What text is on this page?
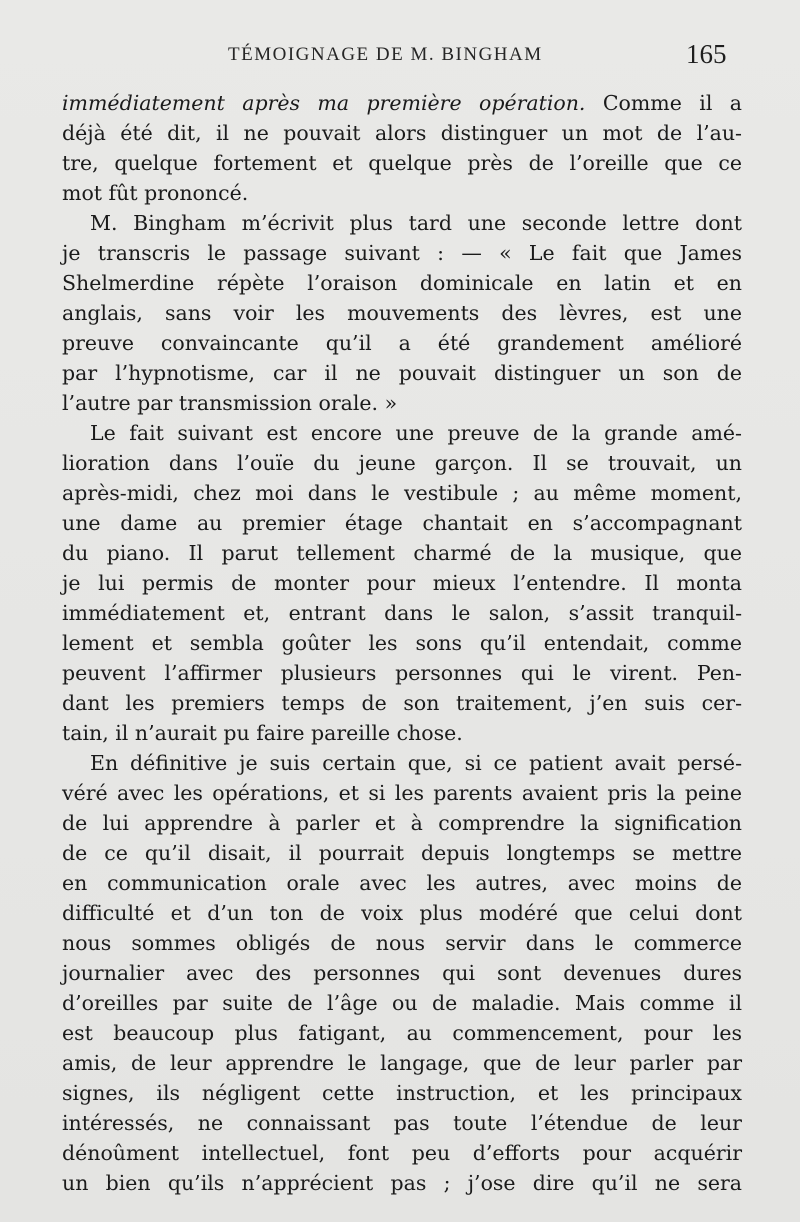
TÉMOIGNAGE DE M. BINGHAM	165
immédiatement après ma première opération. Comme il a
déjà été dit, il ne pouvait alors distinguer un mot de l’au-
tre, quelque fortement et quelque près de l’oreille que ce
mot fût prononcé.
M. Bingham m’écrivit plus tard une seconde lettre dont
je transcris le passage suivant : — « Le fait que James
Shelmerdine répète l’oraison dominicale en latin et en
anglais, sans voir les mouvements des lèvres, est une
preuve convaincante qu’il a été grandement amélioré
par l’hypnotisme, car il ne pouvait distinguer un son de
l’autre par transmission orale. »
Le fait suivant est encore une preuve de la grande amé-
lioration dans l’ouïe du jeune garçon. Il se trouvait, un
après-midi, chez moi dans le vestibule ; au même moment,
une dame au premier étage chantait en s’accompagnant
du piano. Il parut tellement charmé de la musique, que
je lui permis de monter pour mieux l’entendre. Il monta
immédiatement et, entrant dans le salon, s’assit tranquil-
lement et sembla goûter les sons qu’il entendait, comme
peuvent l’affirmer plusieurs personnes qui le virent. Pen-
dant les premiers temps de son traitement, j’en suis cer-
tain, il n’aurait pu faire pareille chose.
En définitive je suis certain que, si ce patient avait persé-
véré avec les opérations, et si les parents avaient pris la peine
de lui apprendre à parler et à comprendre la signification
de ce qu’il disait, il pourrait depuis longtemps se mettre
en communication orale avec les autres, avec moins de
difficulté et d’un ton de voix plus modéré que celui dont
nous sommes obligés de nous servir dans le commerce
journalier avec des personnes qui sont devenues dures
d’oreilles par suite de l’âge ou de maladie. Mais comme il
est beaucoup plus fatigant, au commencement, pour les
amis, de leur apprendre le langage, que de leur parler par
signes, ils négligent cette instruction, et les principaux
intéressés, ne connaissant pas toute l’étendue de leur
dénoûment intellectuel, font peu d’efforts pour acquérir
un bien qu’ils n’apprécient pas ; j’ose dire qu’il ne sera
